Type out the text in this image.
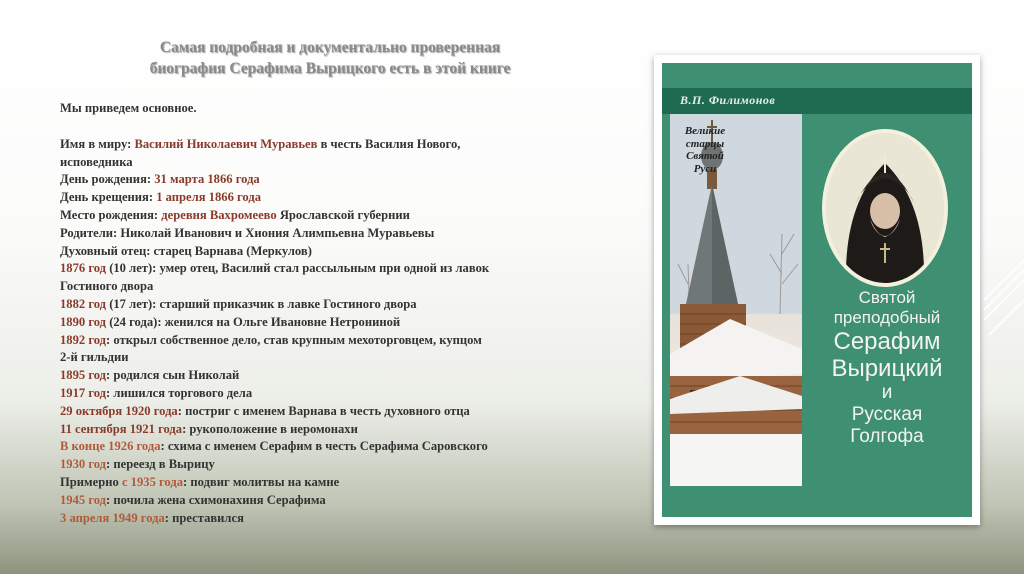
Самая подробная и документально проверенная
биография Серафима Вырицкого есть в этой книге
Мы приведем основное.
Имя в миру: Василий Николаевич Муравьев в честь Василия Нового,
исповедника
День рождения: 31 марта 1866 года
День крещения: 1 апреля 1866 года
Место рождения: деревня Вахромеево Ярославской губернии
Родители: Николай Иванович и Хиония Алимпьевна Муравьевы
Духовный отец: старец Варнава (Меркулов)
1876 год (10 лет): умер отец, Василий стал рассыльным при одной из лавок
Гостиного двора
1882 год (17 лет): старший приказчик в лавке Гостиного двора
1890 год (24 года): женился на Ольге Ивановне Нетрониной
1892 год: открыл собственное дело, став крупным мехоторговцем, купцом
2-й гильдии
1895 год: родился сын Николай
1917 год: лишился торгового дела
29 октября 1920 года: постриг с именем Варнава в честь духовного отца
11 сентября 1921 года: рукоположение в иеромонахи
В конце 1926 года: схима с именем Серафим в честь Серафима Саровского
1930 год: переезд в Вырицу
Примерно с 1935 года: подвиг молитвы на камне
1945 год: почила жена схимонахиня Серафима
3 апреля 1949 года: преставился
В.П. Филимонов
Великие
старцы
Святой
Руси
Святой
преподобный
Серафим
Вырицкий
и
Русская
Голгофа
